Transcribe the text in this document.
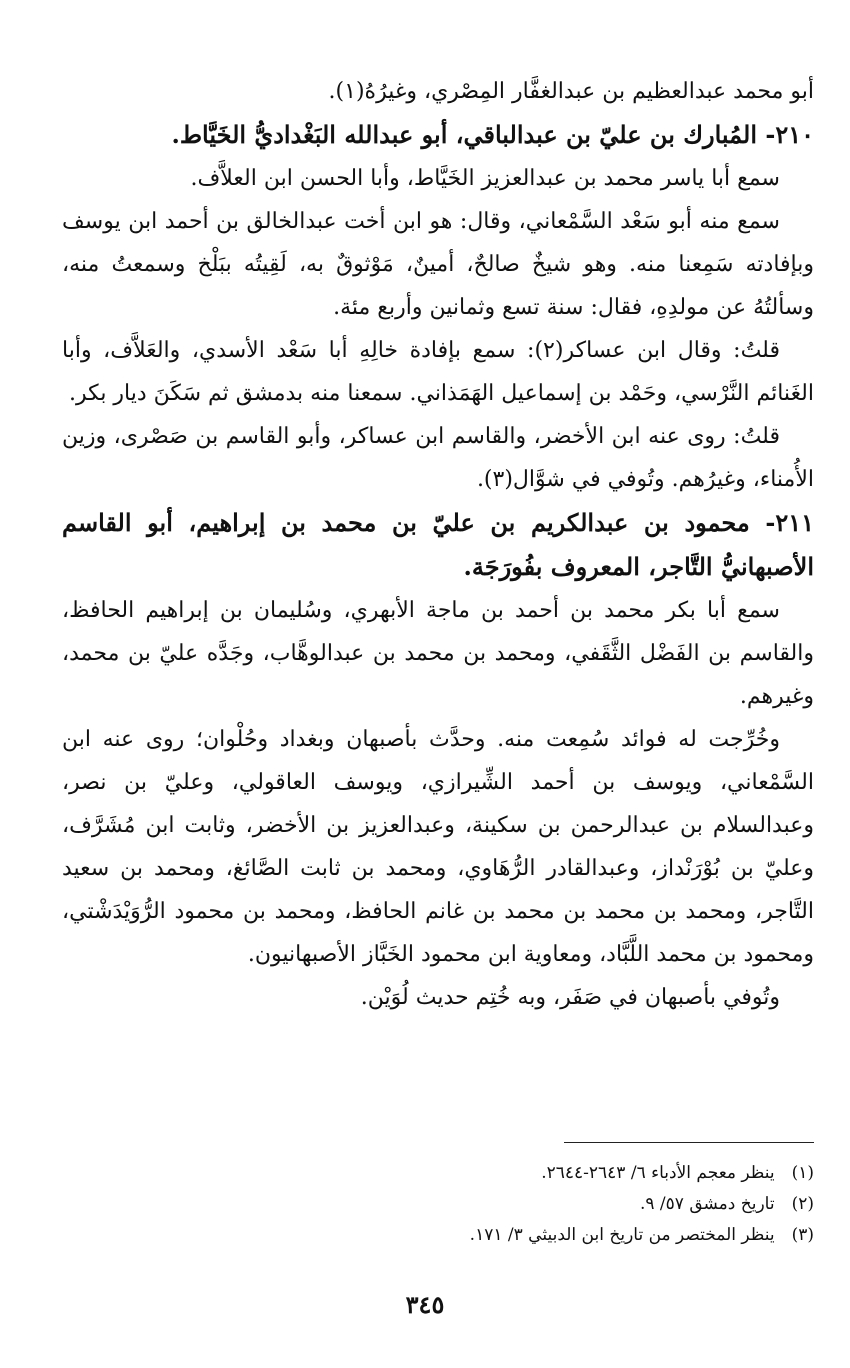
أبو محمد عبدالعظيم بن عبدالغفَّار المِصْري، وغيرُهُ(١).

٢١٠- المُبارك بن عليّ بن عبدالباقي، أبو عبدالله البَغْداديُّ الخَيَّاط.

سمع أبا ياسر محمد بن عبدالعزيز الخَيَّاط، وأبا الحسن ابن العلاَّف.

سمع منه أبو سَعْد السَّمْعاني، وقال: هو ابن أخت عبدالخالق بن أحمد ابن يوسف وبإفادته سَمِعنا منه. وهو شيخٌ صالحٌ، أمينٌ، مَوْثوقٌ به، لَقِيتُه ببَلْخ وسمعتُ منه، وسألتُهُ عن مولدِهِ، فقال: سنة تسع وثمانين وأربع مئة.

قلتُ: وقال ابن عساكر(٢): سمع بإفادة خالِهِ أبا سَعْد الأسدي، والعَلاَّف، وأبا الغَنائم النَّرْسي، وحَمْد بن إسماعيل الهَمَذاني. سمعنا منه بدمشق ثم سَكَنَ ديار بكر.

قلتُ: روى عنه ابن الأخضر، والقاسم ابن عساكر، وأبو القاسم بن صَصْرى، وزين الأُمناء، وغيرُهم. وتُوفي في شوَّال(٣).

٢١١- محمود بن عبدالكريم بن عليّ بن محمد بن إبراهيم، أبو القاسم الأصبهانيُّ التَّاجر، المعروف بفُورَجَة.

سمع أبا بكر محمد بن أحمد بن ماجة الأبهري، وسُليمان بن إبراهيم الحافظ، والقاسم بن الفَضْل الثَّقَفي، ومحمد بن محمد بن عبدالوهَّاب، وجَدَّه عليّ بن محمد، وغيرهم.

وخُرِّجت له فوائد سُمِعت منه. وحدَّث بأصبهان وبغداد وحُلْوان؛ روى عنه ابن السَّمْعاني، ويوسف بن أحمد الشِّيرازي، ويوسف العاقولي، وعليّ بن نصر، وعبدالسلام بن عبدالرحمن بن سكينة، وعبدالعزيز بن الأخضر، وثابت ابن مُشَرَّف، وعليّ بن بُوْرَنْداز، وعبدالقادر الرُّهَاوي، ومحمد بن ثابت الصَّائغ، ومحمد بن سعيد التَّاجر، ومحمد بن محمد بن محمد بن غانم الحافظ، ومحمد بن محمود الرُّوَيْدَشْتي، ومحمود بن محمد اللَّبَّاد، ومعاوية ابن محمود الخَبَّاز الأصبهانيون.

وتُوفي بأصبهان في صَفَر، وبه خُتِم حديث لُوَيْن.

(١) ينظر معجم الأدباء ٦/ ٢٦٤٣-٢٦٤٤.

(٢) تاريخ دمشق ٥٧/ ٩.

(٣) ينظر المختصر من تاريخ ابن الدبيثي ٣/ ١٧١.

٣٤٥
